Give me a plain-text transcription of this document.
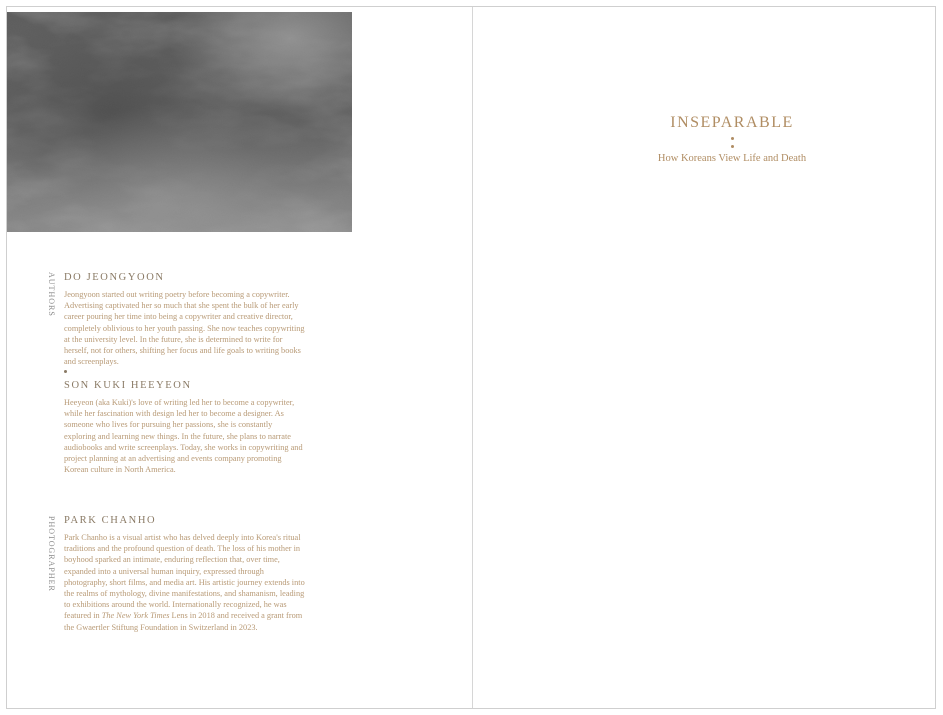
AUTHORS
PHOTOGRAPHER
DO JEONGYOON

Jeongyoon started out writing poetry before becoming a copywriter. Advertising captivated her so much that she spent the bulk of her early career pouring her time into being a copywriter and creative director, completely oblivious to her youth passing. She now teaches copywriting at the university level. In the future, she is determined to write for herself, not for others, shifting her focus and life goals to writing books and screenplays.

SON KUKI HEEYEON

Heeyeon (aka Kuki)'s love of writing led her to become a copywriter, while her fascination with design led her to become a designer. As someone who lives for pursuing her passions, she is constantly exploring and learning new things. In the future, she plans to narrate audiobooks and write screenplays. Today, she works in copywriting and project planning at an advertising and events company promoting Korean culture in North America.

PARK CHANHO

Park Chanho is a visual artist who has delved deeply into Korea's ritual traditions and the profound question of death. The loss of his mother in boyhood sparked an intimate, enduring reflection that, over time, expanded into a universal human inquiry, expressed through photography, short films, and media art. His artistic journey extends into the realms of mythology, divine manifestations, and shamanism, leading to exhibitions around the world. Internationally recognized, he was featured in The New York Times Lens in 2018 and received a grant from the Gwaertler Stiftung Foundation in Switzerland in 2023.

INSEPARABLE

How Koreans View Life and Death
